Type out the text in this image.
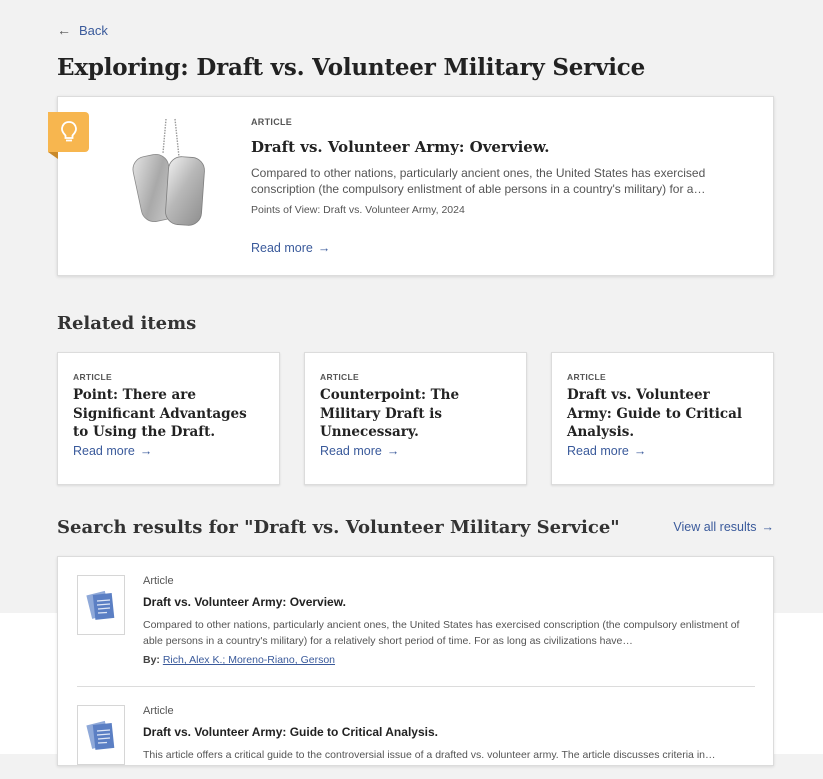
← Back
Exploring: Draft vs. Volunteer Military Service
ARTICLE
Draft vs. Volunteer Army: Overview.
Compared to other nations, particularly ancient ones, the United States has exercised conscription (the compulsory enlistment of able persons in a country's military) for a…
Points of View: Draft vs. Volunteer Army, 2024
Read more →
Related items
ARTICLE
Point: There are Significant Advantages to Using the Draft.
Read more →
ARTICLE
Counterpoint: The Military Draft is Unnecessary.
Read more →
ARTICLE
Draft vs. Volunteer Army: Guide to Critical Analysis.
Read more →
Search results for "Draft vs. Volunteer Military Service"	View all results →
Article
Draft vs. Volunteer Army: Overview.
Compared to other nations, particularly ancient ones, the United States has exercised conscription (the compulsory enlistment of able persons in a country's military) for a relatively short period of time. For as long as civilizations have…
By: Rich, Alex K.; Moreno-Riano, Gerson
Article
Draft vs. Volunteer Army: Guide to Critical Analysis.
This article offers a critical guide to the controversial issue of a drafted vs. volunteer army. The article discusses criteria in…
